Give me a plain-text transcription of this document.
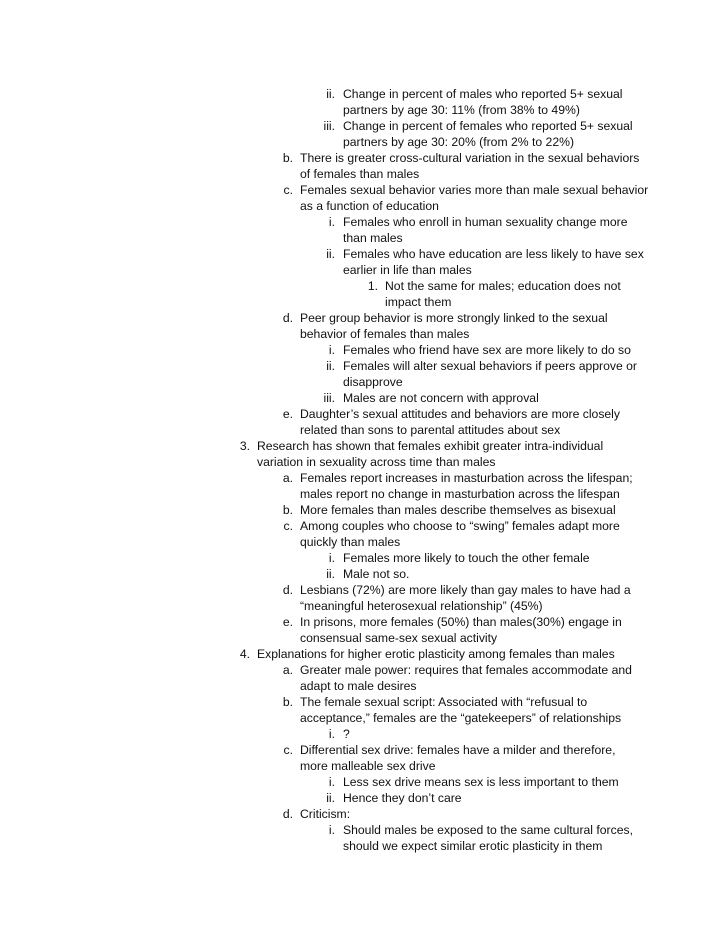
ii. Change in percent of males who reported 5+ sexual
partners by age 30: 11% (from 38% to 49%)
iii. Change in percent of females who reported 5+ sexual
partners by age 30: 20% (from 2% to 22%)
b. There is greater cross-cultural variation in the sexual behaviors
of females than males
c. Females sexual behavior varies more than male sexual behavior
as a function of education
i. Females who enroll in human sexuality change more
than males
ii. Females who have education are less likely to have sex
earlier in life than males
1. Not the same for males; education does not
impact them
d. Peer group behavior is more strongly linked to the sexual
behavior of females than males
i. Females who friend have sex are more likely to do so
ii. Females will alter sexual behaviors if peers approve or
disapprove
iii. Males are not concern with approval
e. Daughter’s sexual attitudes and behaviors are more closely
related than sons to parental attitudes about sex
3. Research has shown that females exhibit greater intra-individual
variation in sexuality across time than males
a. Females report increases in masturbation across the lifespan;
males report no change in masturbation across the lifespan
b. More females than males describe themselves as bisexual
c. Among couples who choose to “swing” females adapt more
quickly than males
i. Females more likely to touch the other female
ii. Male not so.
d. Lesbians (72%) are more likely than gay males to have had a
“meaningful heterosexual relationship” (45%)
e. In prisons, more females (50%) than males(30%) engage in
consensual same-sex sexual activity
4. Explanations for higher erotic plasticity among females than males
a. Greater male power: requires that females accommodate and
adapt to male desires
b. The female sexual script: Associated with “refusual to
acceptance,” females are the “gatekeepers” of relationships
i. ?
c. Differential sex drive: females have a milder and therefore,
more malleable sex drive
i. Less sex drive means sex is less important to them
ii. Hence they don’t care
d. Criticism:
i. Should males be exposed to the same cultural forces,
should we expect similar erotic plasticity in them
